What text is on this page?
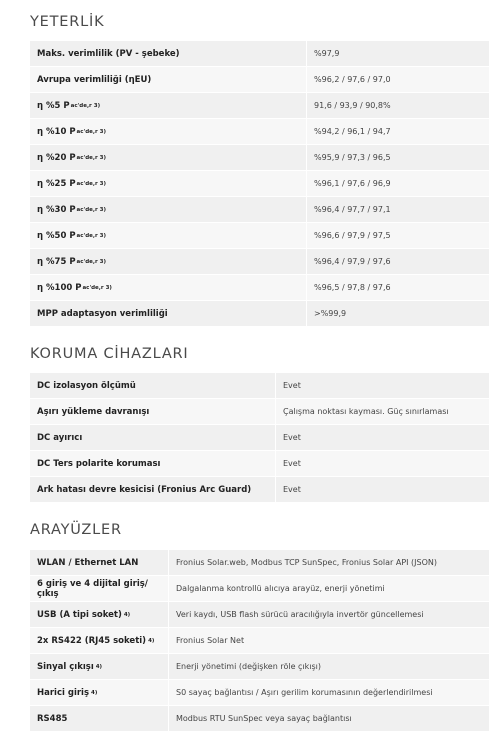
YETERLİK
Maks. verimlilik (PV - şebeke)	%97,9
Avrupa verimliliği (ηEU)	%96,2 / 97,6 / 97,0
η %5 P ac'de,r 3)	91,6 / 93,9 / 90,8%
η %10 P ac'de,r 3)	%94,2 / 96,1 / 94,7
η %20 P ac'de,r 3)	%95,9 / 97,3 / 96,5
η %25 P ac'de,r 3)	%96,1 / 97,6 / 96,9
η %30 P ac'de,r 3)	%96,4 / 97,7 / 97,1
η %50 P ac'de,r 3)	%96,6 / 97,9 / 97,5
η %75 P ac'de,r 3)	%96,4 / 97,9 / 97,6
η %100 P ac'de,r 3)	%96,5 / 97,8 / 97,6
MPP adaptasyon verimliliği	>%99,9
KORUMA CİHAZLARI
DC izolasyon ölçümü	Evet
Aşırı yükleme davranışı	Çalışma noktası kayması. Güç sınırlaması
DC ayırıcı	Evet
DC Ters polarite koruması	Evet
Ark hatası devre kesicisi (Fronius Arc Guard)	Evet
ARAYÜZLER
WLAN / Ethernet LAN	Fronius Solar.web, Modbus TCP SunSpec, Fronius Solar API (JSON)
6 giriş ve 4 dijital giriş/çıkış	Dalgalanma kontrollü alıcıya arayüz, enerji yönetimi
USB (A tipi soket) 4)	Veri kaydı, USB flash sürücü aracılığıyla invertör güncellemesi
2x RS422 (RJ45 soketi) 4)	Fronius Solar Net
Sinyal çıkışı 4)	Enerji yönetimi (değişken röle çıkışı)
Harici giriş 4)	S0 sayaç bağlantısı / Aşırı gerilim korumasının değerlendirilmesi
RS485	Modbus RTU SunSpec veya sayaç bağlantısı
